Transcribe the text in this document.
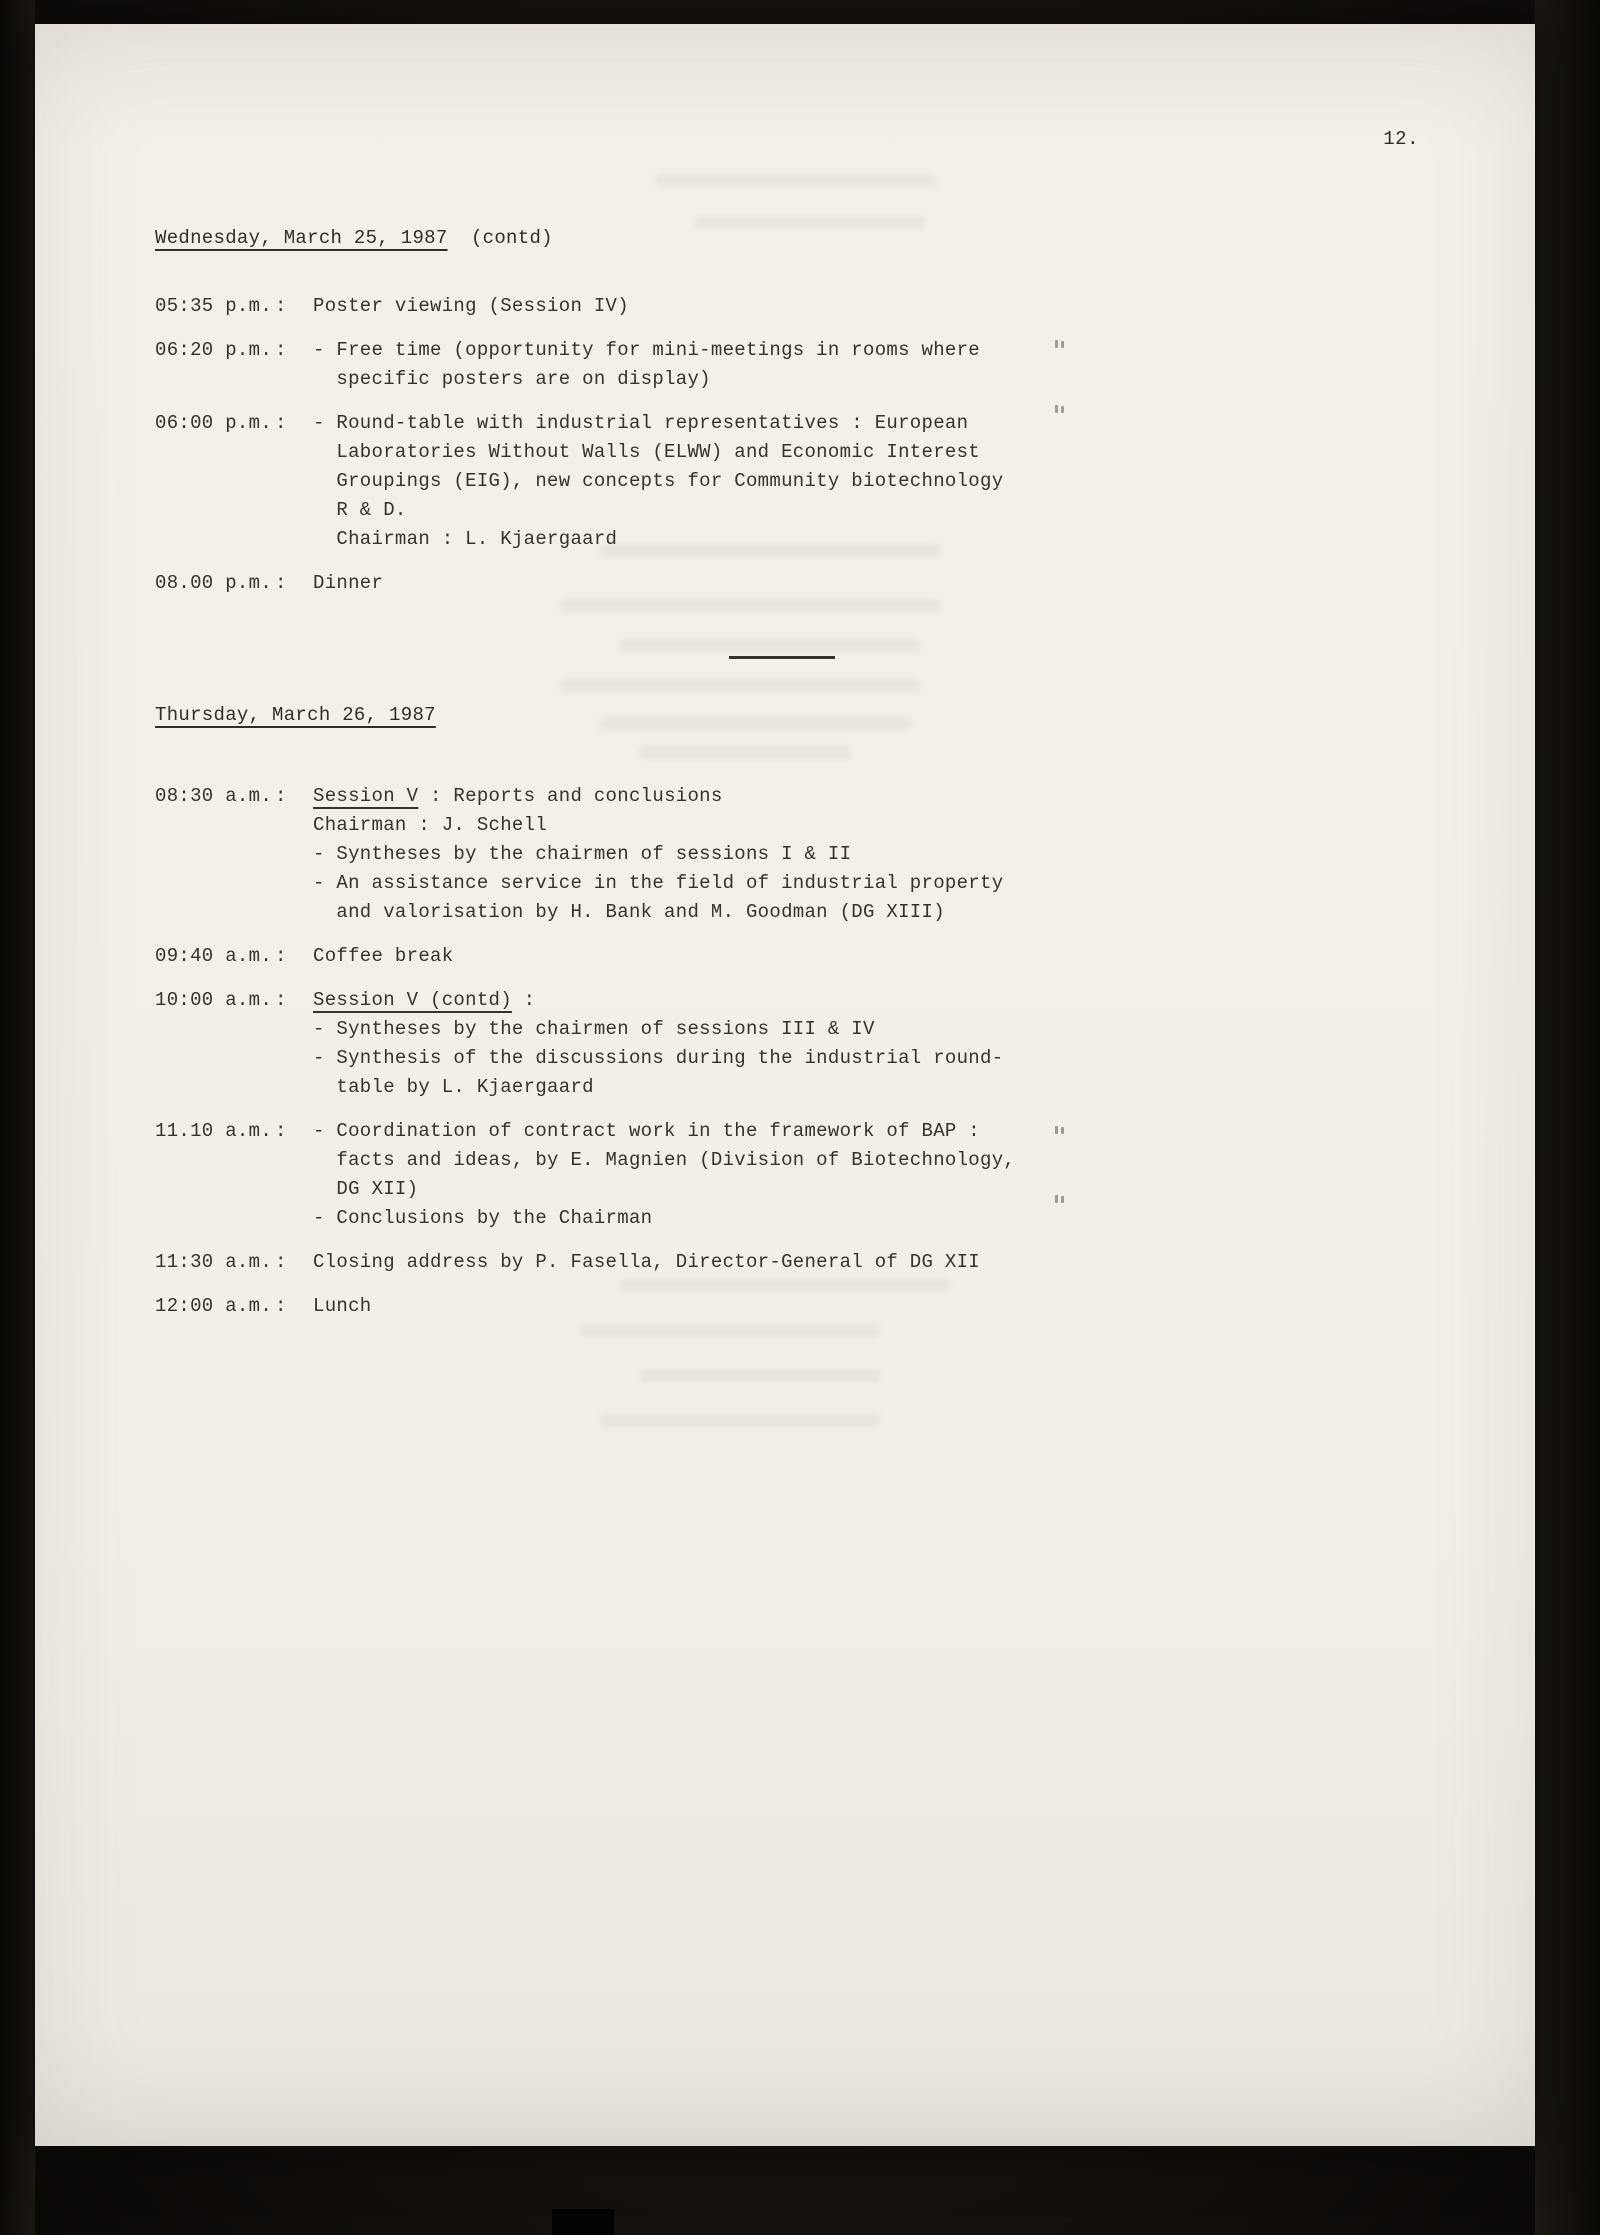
12.
Wednesday, March 25, 1987  (contd)
05:35 p.m. :	Poster viewing (Session IV)
06:20 p.m. :	- Free time (opportunity for mini-meetings in rooms where
specific posters are on display)
06:00 p.m. :	- Round-table with industrial representatives : European
Laboratories Without Walls (ELWW) and Economic Interest
Groupings (EIG), new concepts for Community biotechnology
R & D.
Chairman : L. Kjaergaard
08.00 p.m. :	Dinner
Thursday, March 26, 1987
08:30 a.m. :	Session V : Reports and conclusions
Chairman : J. Schell
- Syntheses by the chairmen of sessions I & II
- An assistance service in the field of industrial property
and valorisation by H. Bank and M. Goodman (DG XIII)
09:40 a.m. :	Coffee break
10:00 a.m. :	Session V (contd) :
- Syntheses by the chairmen of sessions III & IV
- Synthesis of the discussions during the industrial round-
table by L. Kjaergaard
11.10 a.m. :	- Coordination of contract work in the framework of BAP :
facts and ideas, by E. Magnien (Division of Biotechnology,
DG XII)
- Conclusions by the Chairman
11:30 a.m. :	Closing address by P. Fasella, Director-General of DG XII
12:00 a.m. :	Lunch
